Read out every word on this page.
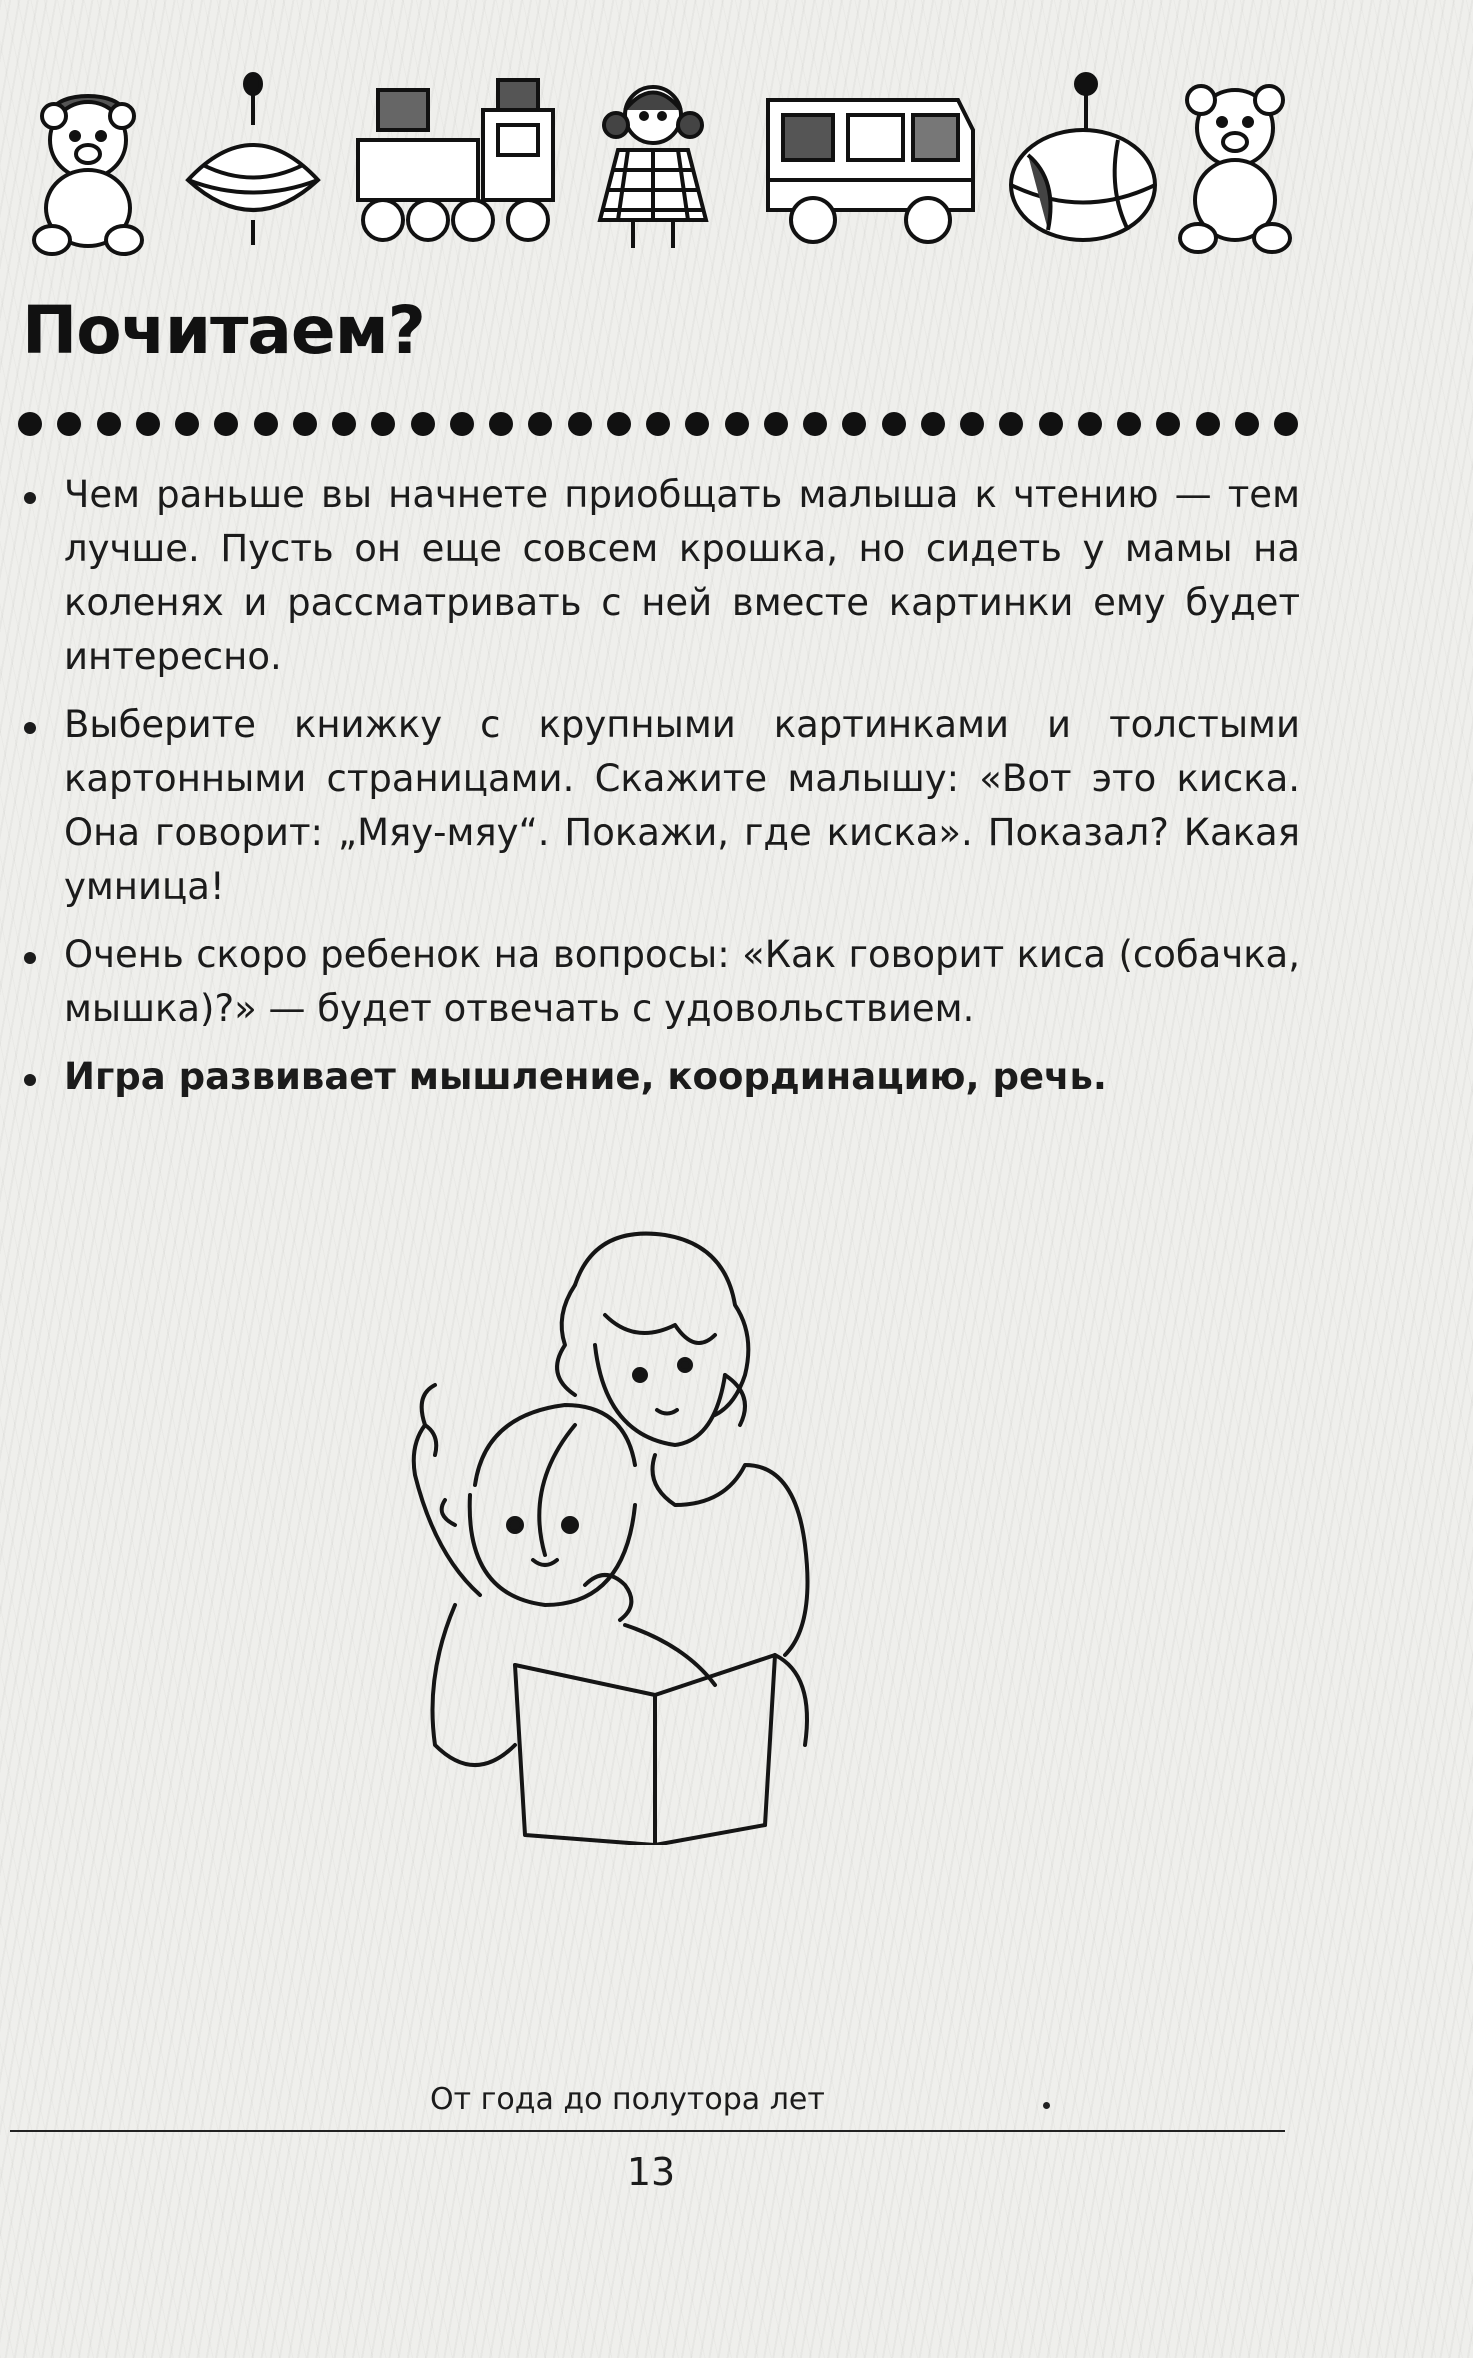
Почитаем?
Чем раньше вы начнете приобщать малыша к чтению — тем лучше. Пусть он еще совсем крошка, но сидеть у мамы на коленях и рассматривать с ней вместе картинки ему будет интересно.
Выберите книжку с крупными картинками и толстыми картонными страницами. Скажите малышу: «Вот это киска. Она говорит: „Мяу-мяу“. Покажи, где киска». Показал? Какая умница!
Очень скоро ребенок на вопросы: «Как говорит киса (собачка, мышка)?» — будет отвечать с удовольствием.
Игра развивает мышление, координацию, речь.
От года до полутора лет
13
